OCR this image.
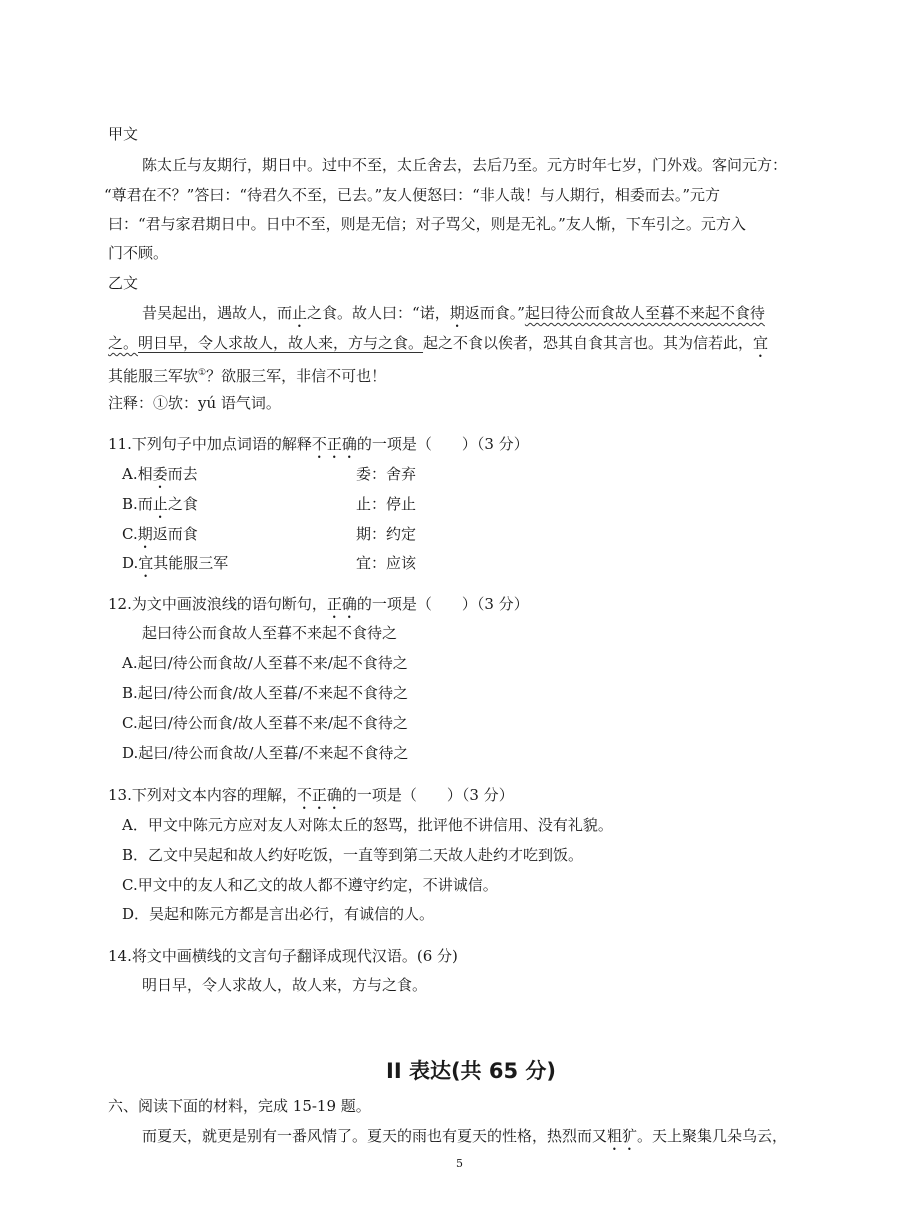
甲文
陈太丘与友期行，期日中。过中不至，太丘舍去，去后乃至。元方时年七岁，门外戏。客问元方：
“尊君在不？”答曰：“待君久不至，已去。”友人便怒曰：“非人哉！与人期行，相委而去。”元方
曰：“君与家君期日中。日中不至，则是无信；对子骂父，则是无礼。”友人惭，下车引之。元方入
门不顾。
乙文
昔吴起出，遇故人，而止之食。故人曰：“诺，期返而食。”起曰待公而食故人至暮不来起不食待
之。明日早，令人求故人，故人来，方与之食。起之不食以俟者，恐其自食其言也。其为信若此，宜
其能服三军欤①？欲服三军，非信不可也！
注释：①欤：yú 语气词。
11.下列句子中加点词语的解释不正确的一项是（　　）（3 分）
A.相委而去	委：舍弃
B.而止之食	止：停止
C.期返而食	期：约定
D.宜其能服三军	宜：应该
12.为文中画波浪线的语句断句，正确的一项是（　　）（3 分）
起曰待公而食故人至暮不来起不食待之
A.起曰/待公而食故/人至暮不来/起不食待之
B.起曰/待公而食/故人至暮/不来起不食待之
C.起曰/待公而食/故人至暮不来/起不食待之
D.起曰/待公而食故/人至暮/不来起不食待之
13.下列对文本内容的理解，不正确的一项是（　　）（3 分）
A．甲文中陈元方应对友人对陈太丘的怒骂，批评他不讲信用、没有礼貌。
B．乙文中吴起和故人约好吃饭，一直等到第二天故人赴约才吃到饭。
C.甲文中的友人和乙文的故人都不遵守约定，不讲诚信。
D．吴起和陈元方都是言出必行，有诚信的人。
14.将文中画横线的文言句子翻译成现代汉语。(6 分)
明日早，令人求故人，故人来，方与之食。
II 表达(共 65 分)
六、阅读下面的材料，完成 15-19 题。
而夏天，就更是别有一番风情了。夏天的雨也有夏天的性格，热烈而又粗犷。天上聚集几朵乌云，
5
